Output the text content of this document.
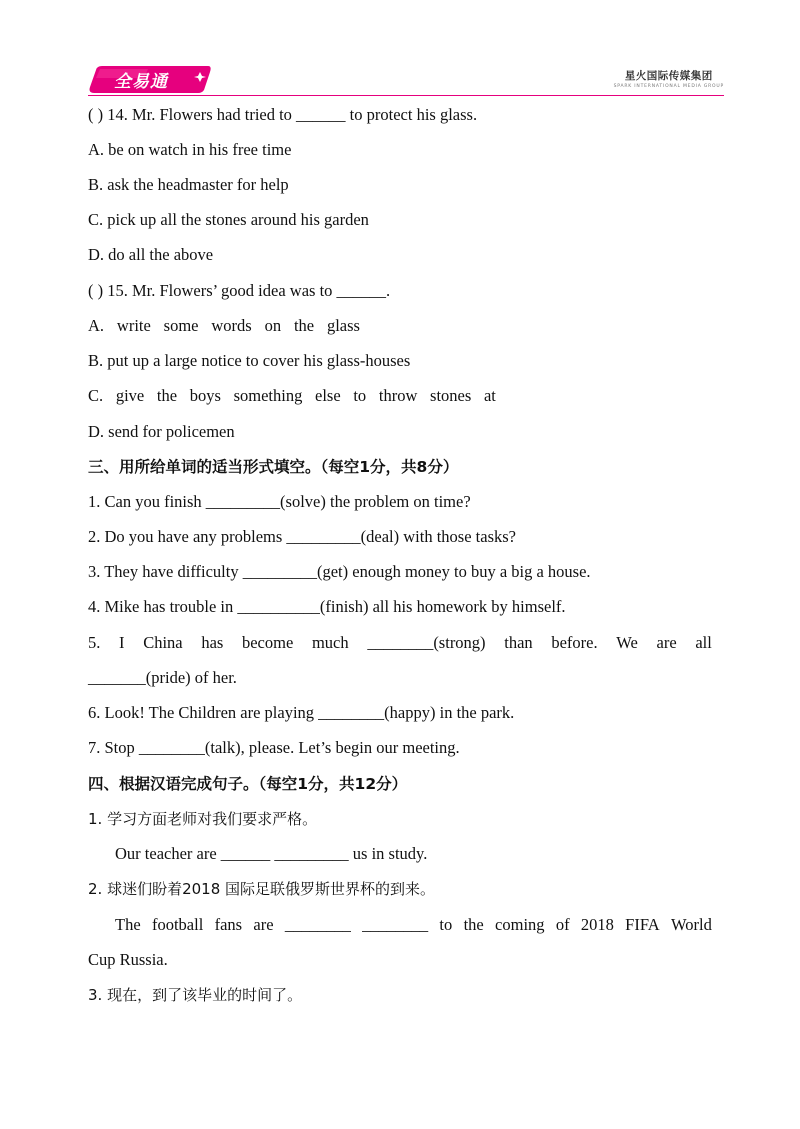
全易通	星火国际传媒集团
SPARK INTERNATIONAL MEDIA GROUP
( ) 14. Mr. Flowers had tried to ______ to protect his glass.
A. be on watch in his free time
B. ask the headmaster for help
C. pick up all the stones around his garden
D. do all the above
( ) 15. Mr. Flowers’ good idea was to ______.
A. write some words on the glass
B. put up a large notice to cover his glass-houses
C. give the boys something else to throw stones at
D. send for policemen
三、用所给单词的适当形式填空。（每空1分，共8分）
1. Can you finish _________(solve) the problem on time?
2. Do you have any problems _________(deal) with those tasks?
3. They have difficulty _________(get) enough money to buy a big a house.
4. Mike has trouble in __________(finish) all his homework by himself.
5. I China has become much ________(strong) than before. We are all
_______(pride) of her.
6. Look! The Children are playing ________(happy) in the park.
7. Stop ________(talk), please. Let’s begin our meeting.
四、根据汉语完成句子。（每空1分，共12分）
1. 学习方面老师对我们要求严格。
Our teacher are ______ _________ us in study.
2. 球迷们盼着2018 国际足联俄罗斯世界杯的到来。
The football fans are ________ ________ to the coming of 2018 FIFA World
Cup Russia.
3. 现在，到了该毕业的时间了。
